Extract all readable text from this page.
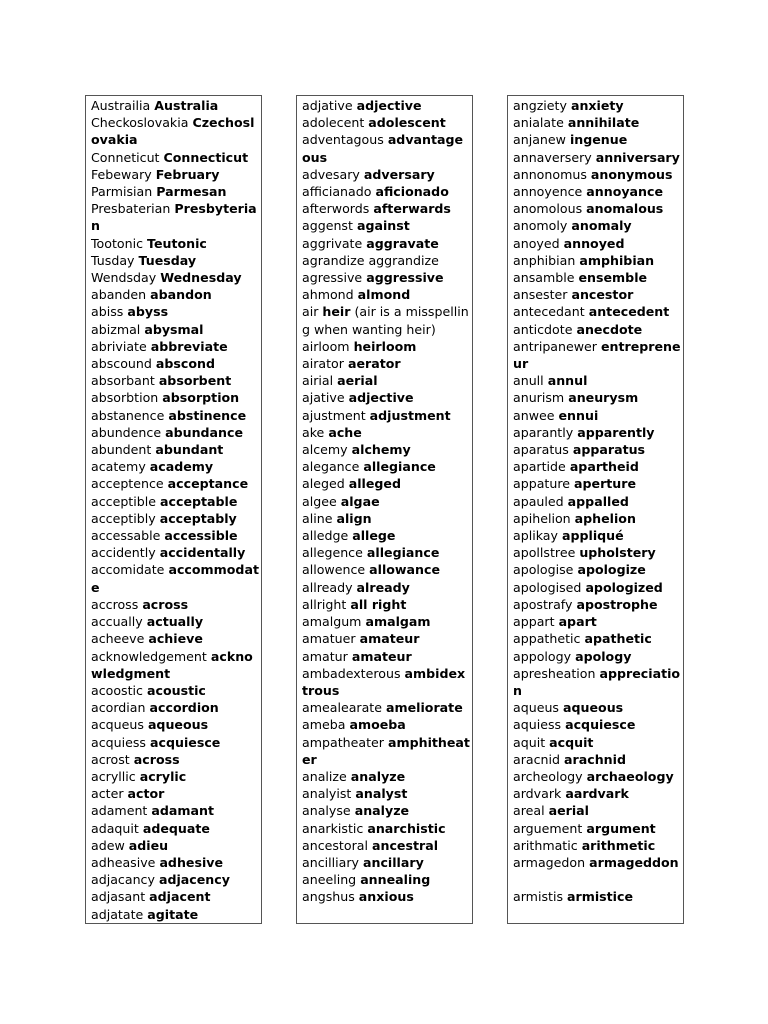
Austrailia Australia
Checkoslovakia Czechoslovakia
Conneticut Connecticut
Febewary February
Parmisian Parmesan
Presbaterian Presbyterian
Tootonic Teutonic
Tusday Tuesday
Wendsday Wednesday
abanden abandon
abiss abyss
abizmal abysmal
abriviate abbreviate
abscound abscond
absorbant absorbent
absorbtion absorption
abstanence abstinence
abundence abundance
abundent abundant
acatemy academy
acceptence acceptance
acceptible acceptable
acceptibly acceptably
accessable accessible
accidently accidentally
accomidate accommodate
accross across
accually actually
acheeve achieve
acknowledgement acknowledgment
acoostic acoustic
acordian accordion
acqueus aqueous
acquiess acquiesce
acrost across
acryllic acrylic
acter actor
adament adamant
adaquit adequate
adew adieu
adheasive adhesive
adjacancy adjacency
adjasant adjacent
adjatate agitate
adjative adjective
adolecent adolescent
adventagous advantageous
advesary adversary
afficianado aficionado
afterwords afterwards
aggenst against
aggrivate aggravate
agrandize aggrandize
agressive aggressive
ahmond almond
air heir (air is a misspelling when wanting heir)
airloom heirloom
airator aerator
airial aerial
ajative adjective
ajustment adjustment
ake ache
alcemy alchemy
alegance allegiance
aleged alleged
algee algae
aline align
alledge allege
allegence allegiance
allowence allowance
allready already
allright all right
amalgum amalgam
amatuer amateur
amatur amateur
ambadexterous ambidextrous
amealearate ameliorate
ameba amoeba
ampatheater amphitheater
analize analyze
analyist analyst
analyse analyze
anarkistic anarchistic
ancestoral ancestral
ancilliary ancillary
aneeling annealing
angshus anxious
angziety anxiety
anialate annihilate
anjanew ingenue
annaversery anniversary
annonomus anonymous
annoyence annoyance
anomolous anomalous
anomoly anomaly
anoyed annoyed
anphibian amphibian
ansamble ensemble
ansester ancestor
antecedant antecedent
anticdote anecdote
antripanewer entrepreneur
anull annul
anurism aneurysm
anwee ennui
aparantly apparently
aparatus apparatus
apartide apartheid
appature aperture
apauled appalled
apihelion aphelion
aplikay appliqué
apollstree upholstery
apologise apologize
apologised apologized
apostrafy apostrophe
appart apart
appathetic apathetic
appology apology
apresheation appreciation
aqueus aqueous
aquiess acquiesce
aquit acquit
aracnid arachnid
archeology archaeology
ardvark aardvark
areal aerial
arguement argument
arithmatic arithmetic
armagedon armageddon
armistis armistice
